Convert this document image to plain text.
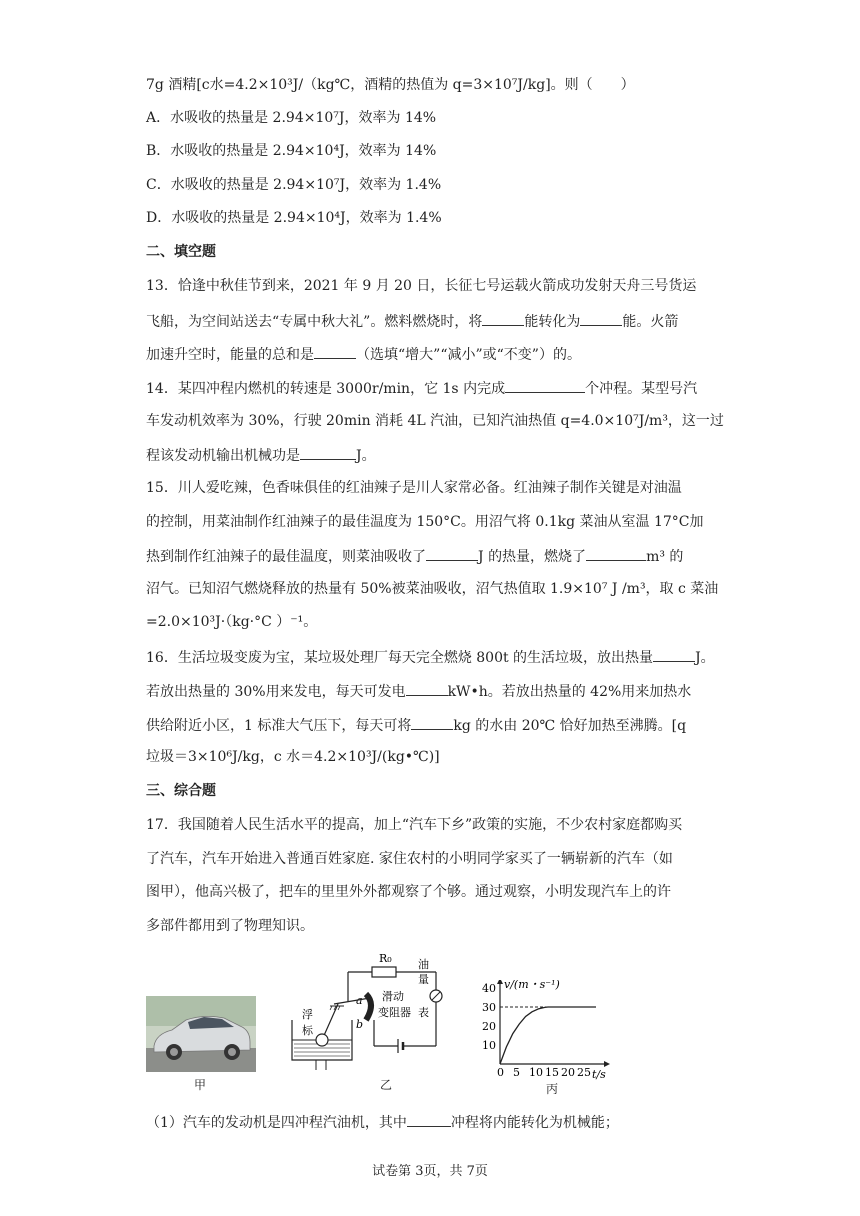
7g 酒精[c水=4.2×10³J/（kg℃，酒精的热值为 q=3×10⁷J/kg]。则（　　）
A．水吸收的热量是 2.94×10⁷J，效率为 14%
B．水吸收的热量是 2.94×10⁴J，效率为 14%
C．水吸收的热量是 2.94×10⁷J，效率为 1.4%
D．水吸收的热量是 2.94×10⁴J，效率为 1.4%
二、填空题
13．恰逢中秋佳节到来，2021 年 9 月 20 日，长征七号运载火箭成功发射天舟三号货运
飞船，为空间站送去“专属中秋大礼”。燃料燃烧时，将	能转化为	能。火箭
加速升空时，能量的总和是	（选填“增大”“减小”或“不变”）的。
14．某四冲程内燃机的转速是 3000r/min，它 1s 内完成	个冲程。某型号汽
车发动机效率为 30%，行驶 20min 消耗 4L 汽油，已知汽油热值 q=4.0×10⁷J/m³，这一过
程该发动机输出机械功是	J。
15．川人爱吃辣，色香味俱佳的红油辣子是川人家常必备。红油辣子制作关键是对油温
的控制，用菜油制作红油辣子的最佳温度为 150°C。用沼气将 0.1kg 菜油从室温 17°C加
热到制作红油辣子的最佳温度，则菜油吸收了	J 的热量，燃烧了	m³ 的
沼气。已知沼气燃烧释放的热量有 50%被菜油吸收，沼气热值取 1.9×10⁷ J /m³，取 c 菜油
=2.0×10³J·（kg·°C ）⁻¹。
16．生活垃圾变废为宝，某垃圾处理厂每天完全燃烧 800t 的生活垃圾，放出热量	J。
若放出热量的 30%用来发电，每天可发电	kW•h。若放出热量的 42%用来加热水
供给附近小区，1 标准大气压下，每天可将	kg 的水由 20℃ 恰好加热至沸腾。[q
垃圾＝3×10⁶J/kg，c 水＝4.2×10³J/(kg•℃)]
三、综合题
17．我国随着人民生活水平的提高，加上“汽车下乡”政策的实施，不少农村家庭都购买
了汽车，汽车开始进入普通百姓家庭. 家住农村的小明同学家买了一辆崭新的汽车（如
图甲），他高兴极了，把车的里里外外都观察了个够。通过观察，小明发现汽车上的许
多部件都用到了物理知识。
甲
R₀ 油
量
表
滑动
变阻器
a
b
浮
标
乙
v/(m・s⁻¹)
t/s
0 5 10 15 20 25
10
20
30
40
丙
（1）汽车的发动机是四冲程汽油机，其中	冲程将内能转化为机械能；
试卷第 3页，共 7页
